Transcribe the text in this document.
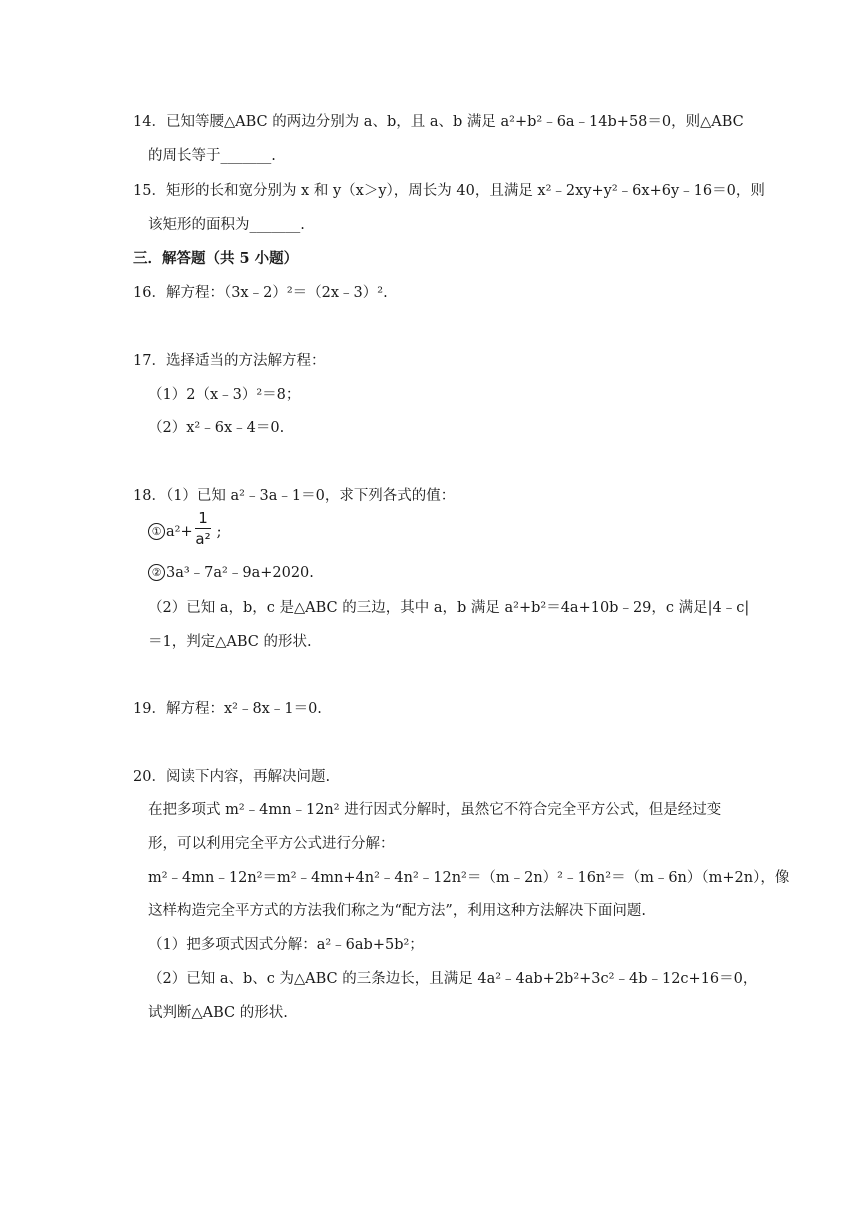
14．已知等腰△ABC 的两边分别为 a、b，且 a、b 满足 a²+b²﹣6a﹣14b+58＝0，则△ABC
的周长等于_______.
15．矩形的长和宽分别为 x 和 y（x＞y），周长为 40，且满足 x²﹣2xy+y²﹣6x+6y﹣16＝0，则
该矩形的面积为_______.
三．解答题（共 5 小题）
16．解方程：（3x﹣2）²＝（2x﹣3）².
17．选择适当的方法解方程：
（1）2（x﹣3）²＝8；
（2）x²﹣6x﹣4＝0.
18．（1）已知 a²﹣3a﹣1＝0，求下列各式的值：
① a²+ ;
1
a²
② 3a³﹣7a²﹣9a+2020.
（2）已知 a，b，c 是△ABC 的三边，其中 a，b 满足 a²+b²＝4a+10b﹣29，c 满足|4﹣c|
＝1，判定△ABC 的形状.
19．解方程：x²﹣8x﹣1＝0.
20．阅读下内容，再解决问题.
在把多项式 m²﹣4mn﹣12n² 进行因式分解时，虽然它不符合完全平方公式，但是经过变
形，可以利用完全平方公式进行分解：
m²﹣4mn﹣12n²＝m²﹣4mn+4n²﹣4n²﹣12n²＝（m﹣2n）²﹣16n²＝（m﹣6n）（m+2n），像
这样构造完全平方式的方法我们称之为“配方法”，利用这种方法解决下面问题.
（1）把多项式因式分解：a²﹣6ab+5b²；
（2）已知 a、b、c 为△ABC 的三条边长，且满足 4a²﹣4ab+2b²+3c²﹣4b﹣12c+16＝0，
试判断△ABC 的形状.
